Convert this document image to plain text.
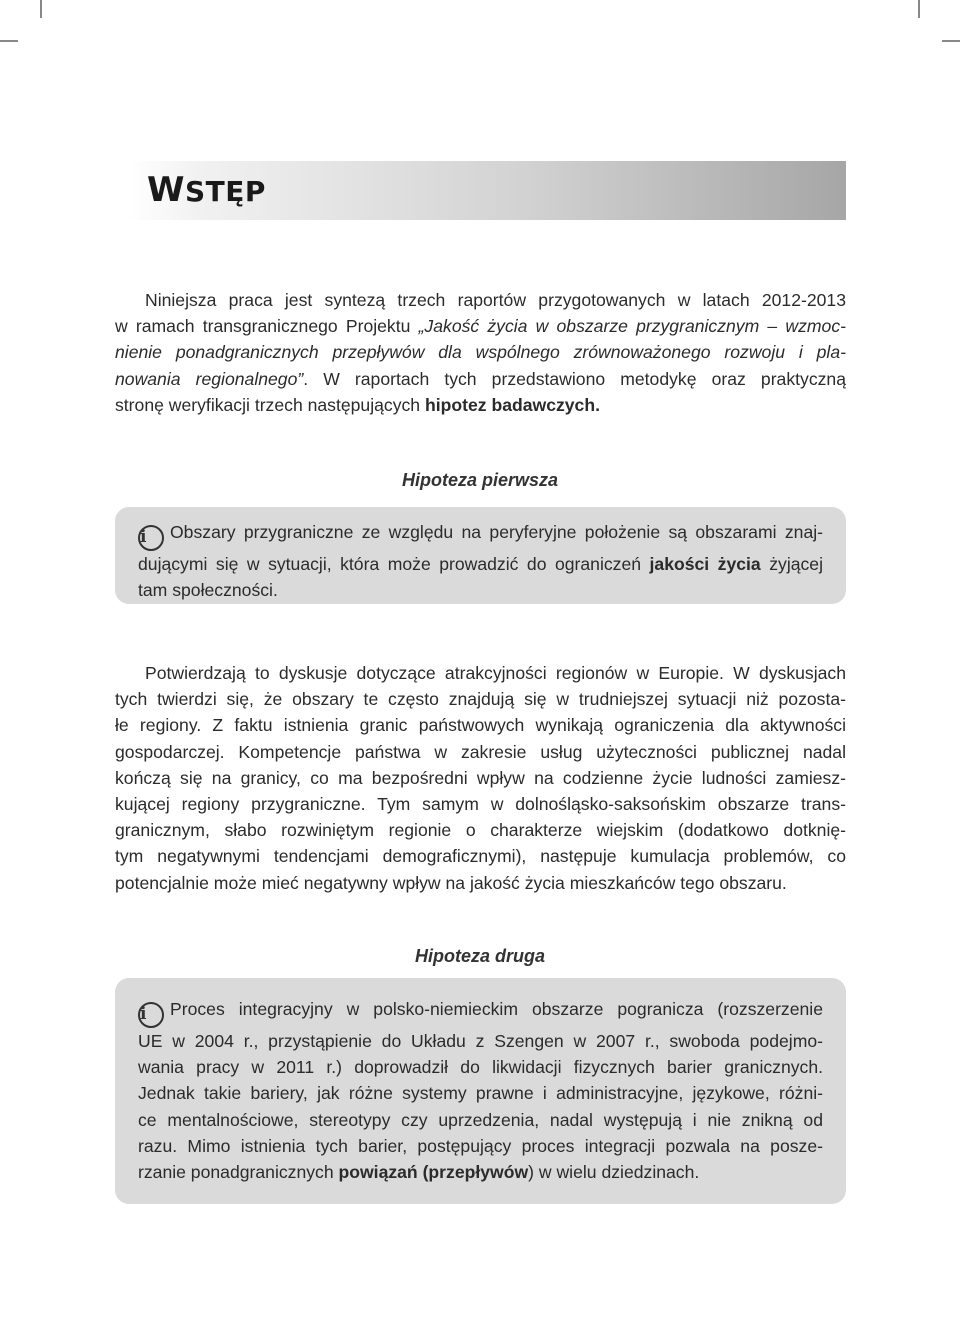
WSTĘP
Niniejsza praca jest syntezą trzech raportów przygotowanych w latach 2012-2013
w ramach transgranicznego Projektu „Jakość życia w obszarze przygranicznym – wzmoc-
nienie ponadgranicznych przepływów dla wspólnego zrównoważonego rozwoju i pla-
nowania regionalnego”. W raportach tych przedstawiono metodykę oraz praktyczną
stronę weryfikacji trzech następujących hipotez badawczych.
Hipoteza pierwsza
i Obszary przygraniczne ze względu na peryferyjne położenie są obszarami znaj-
dującymi się w sytuacji, która może prowadzić do ograniczeń jakości życia żyjącej
tam społeczności.
Potwierdzają to dyskusje dotyczące atrakcyjności regionów w Europie. W dyskusjach
tych twierdzi się, że obszary te często znajdują się w trudniejszej sytuacji niż pozosta-
łe regiony. Z faktu istnienia granic państwowych wynikają ograniczenia dla aktywności
gospodarczej. Kompetencje państwa w zakresie usług użyteczności publicznej nadal
kończą się na granicy, co ma bezpośredni wpływ na codzienne życie ludności zamiesz-
kującej regiony przygraniczne. Tym samym w dolnośląsko-saksońskim obszarze trans-
granicznym, słabo rozwiniętym regionie o charakterze wiejskim (dodatkowo dotknię-
tym negatywnymi tendencjami demograficznymi), następuje kumulacja problemów, co
potencjalnie może mieć negatywny wpływ na jakość życia mieszkańców tego obszaru.
Hipoteza druga
i Proces integracyjny w polsko-niemieckim obszarze pogranicza (rozszerzenie
UE w 2004 r., przystąpienie do Układu z Szengen w 2007 r., swoboda podejmo-
wania pracy w 2011 r.) doprowadził do likwidacji fizycznych barier granicznych.
Jednak takie bariery, jak różne systemy prawne i administracyjne, językowe, różni-
ce mentalnościowe, stereotypy czy uprzedzenia, nadal występują i nie znikną od
razu. Mimo istnienia tych barier, postępujący proces integracji pozwala na posze-
rzanie ponadgranicznych powiązań (przepływów) w wielu dziedzinach.
